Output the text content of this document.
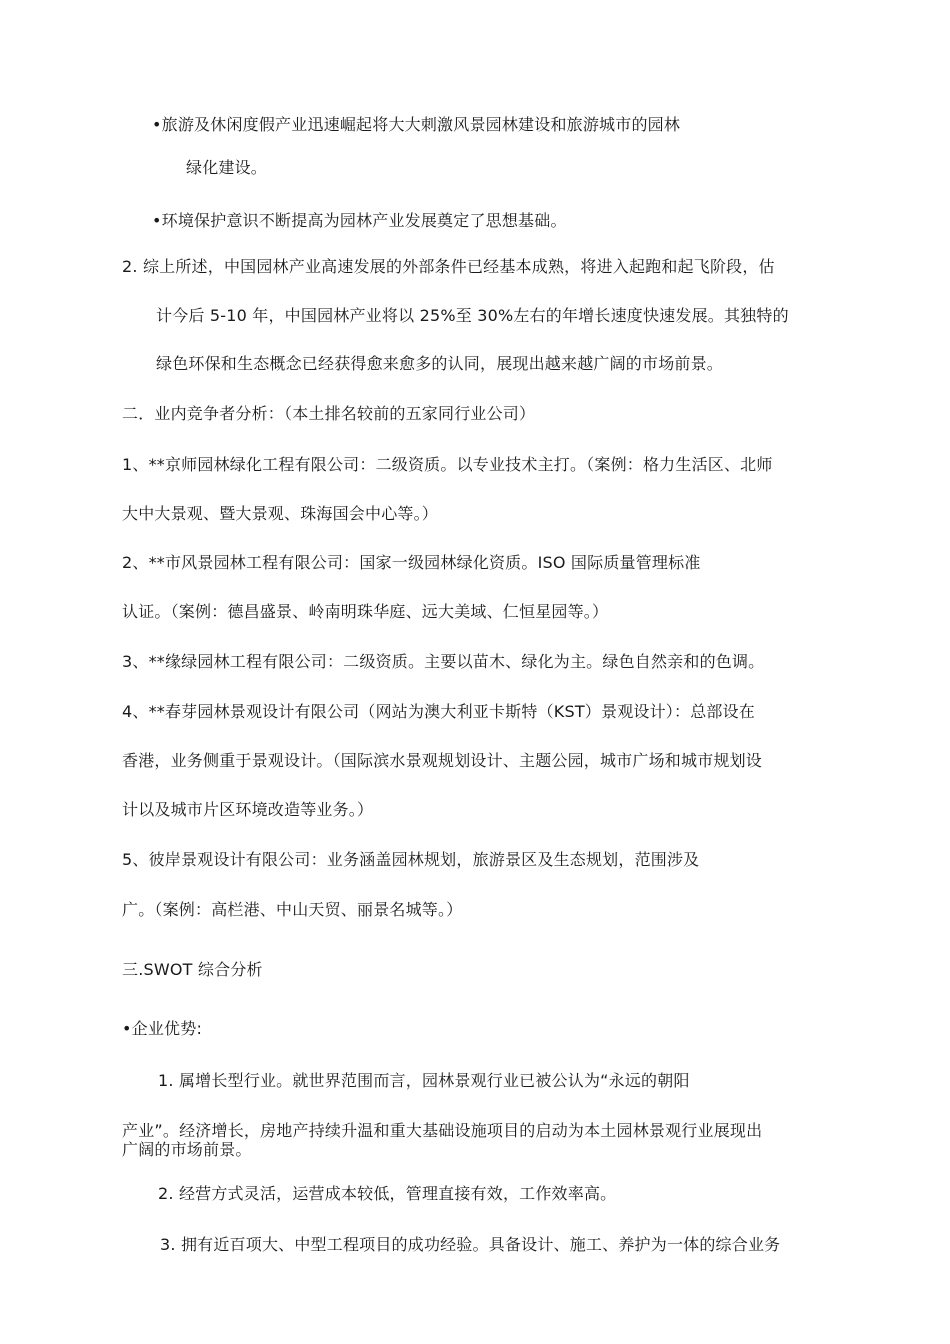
•旅游及休闲度假产业迅速崛起将大大刺激风景园林建设和旅游城市的园林
绿化建设。
•环境保护意识不断提高为园林产业发展奠定了思想基础。
2. 综上所述，中国园林产业高速发展的外部条件已经基本成熟，将进入起跑和起飞阶段，估
计今后 5-10 年，中国园林产业将以 25%至 30%左右的年增长速度快速发展。其独特的
绿色环保和生态概念已经获得愈来愈多的认同，展现出越来越广阔的市场前景。
二．业内竞争者分析：（本土排名较前的五家同行业公司）
1、**京师园林绿化工程有限公司：二级资质。以专业技术主打。（案例：格力生活区、北师
大中大景观、暨大景观、珠海国会中心等。）
2、**市风景园林工程有限公司：国家一级园林绿化资质。ISO 国际质量管理标准
认证。（案例：德昌盛景、岭南明珠华庭、远大美域、仁恒星园等。）
3、**缘绿园林工程有限公司：二级资质。主要以苗木、绿化为主。绿色自然亲和的色调。
4、**春芽园林景观设计有限公司（网站为澳大利亚卡斯特（KST）景观设计）：总部设在
香港，业务侧重于景观设计。（国际滨水景观规划设计、主题公园，城市广场和城市规划设
计以及城市片区环境改造等业务。）
5、彼岸景观设计有限公司：业务涵盖园林规划，旅游景区及生态规划，范围涉及
广。（案例：高栏港、中山天贸、丽景名城等。）
三.SWOT 综合分析
•企业优势:
1. 属增长型行业。就世界范围而言，园林景观行业已被公认为“永远的朝阳
产业”。经济增长，房地产持续升温和重大基础设施项目的启动为本土园林景观行业展现出
广阔的市场前景。
2. 经营方式灵活，运营成本较低，管理直接有效，工作效率高。
3. 拥有近百项大、中型工程项目的成功经验。具备设计、施工、养护为一体的综合业务
